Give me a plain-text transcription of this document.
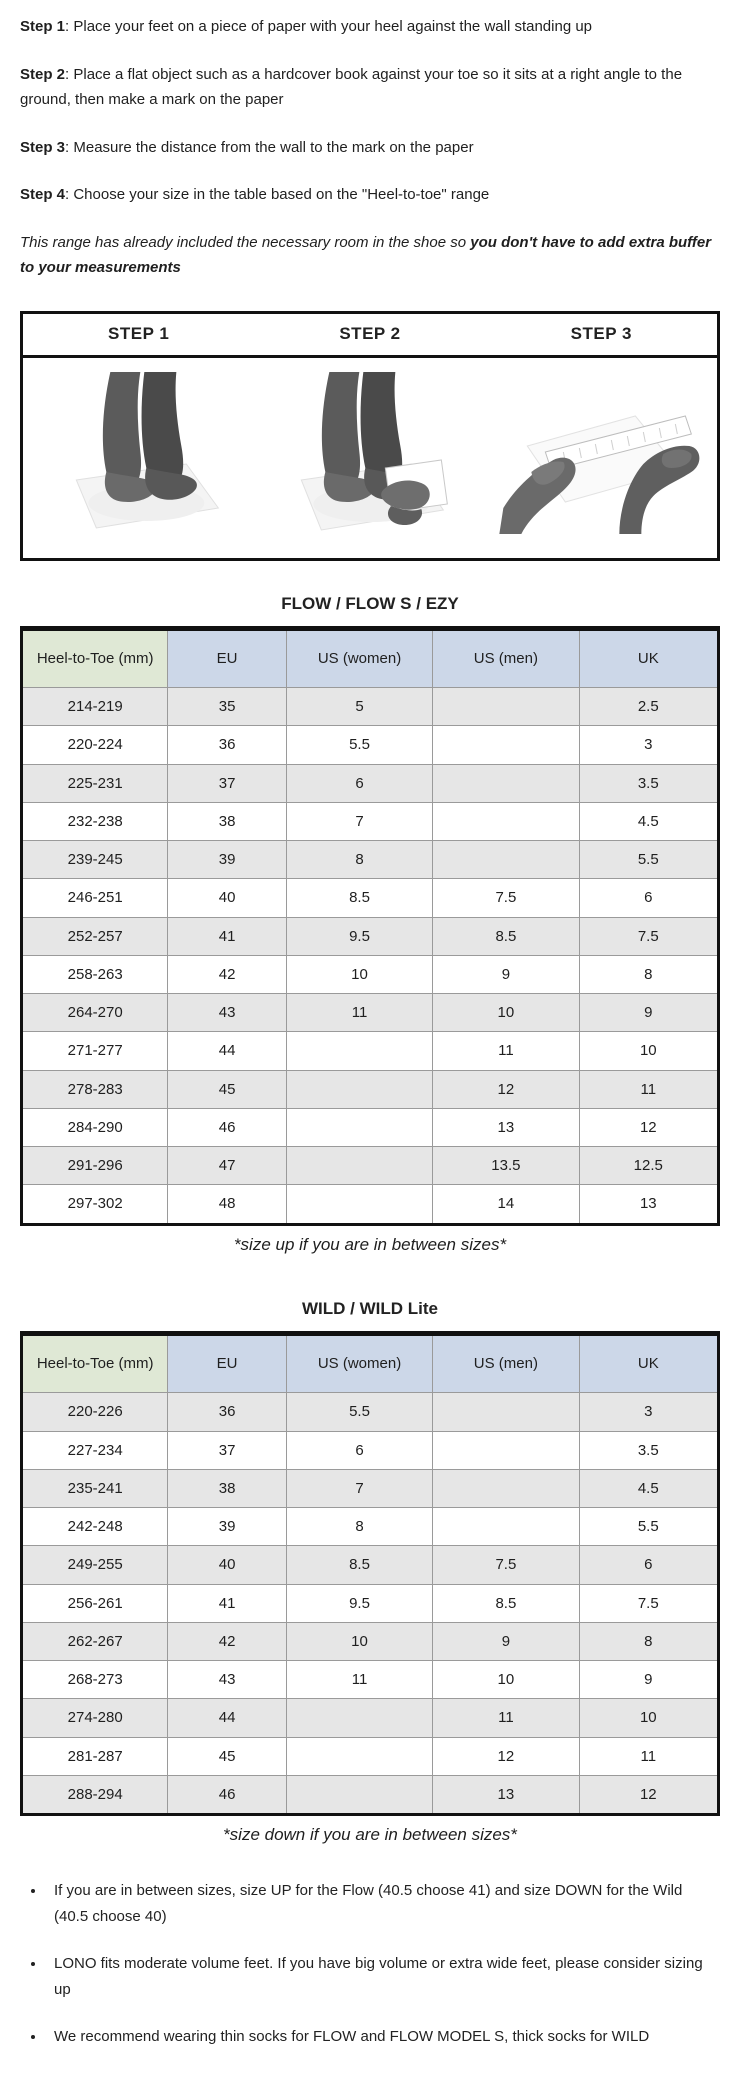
Step 1: Place your feet on a piece of paper with your heel against the wall standing up

Step 2: Place a flat object such as a hardcover book against your toe so it sits at a right angle to the ground, then make a mark on the paper

Step 3: Measure the distance from the wall to the mark on the paper

Step 4: Choose your size in the table based on the "Heel-to-toe" range

This range has already included the necessary room in the shoe so you don't have to add extra buffer to your measurements

STEP 1	STEP 2	STEP 3
FLOW / FLOW S / EZY
Heel-to-Toe (mm)	EU	US (women)	US (men)	UK
214-219	35	5		2.5
220-224	36	5.5		3
225-231	37	6		3.5
232-238	38	7		4.5
239-245	39	8		5.5
246-251	40	8.5	7.5	6
252-257	41	9.5	8.5	7.5
258-263	42	10	9	8
264-270	43	11	10	9
271-277	44		11	10
278-283	45		12	11
284-290	46		13	12
291-296	47		13.5	12.5
297-302	48		14	13
*size up if you are in between sizes*
WILD / WILD Lite
Heel-to-Toe (mm)	EU	US (women)	US (men)	UK
220-226	36	5.5		3
227-234	37	6		3.5
235-241	38	7		4.5
242-248	39	8		5.5
249-255	40	8.5	7.5	6
256-261	41	9.5	8.5	7.5
262-267	42	10	9	8
268-273	43	11	10	9
274-280	44		11	10
281-287	45		12	11
288-294	46		13	12
*size down if you are in between sizes*
• If you are in between sizes, size UP for the Flow (40.5 choose 41) and size DOWN for the Wild (40.5 choose 40)
• LONO fits moderate volume feet. If you have big volume or extra wide feet, please consider sizing up
• We recommend wearing thin socks for FLOW and FLOW MODEL S, thick socks for WILD
